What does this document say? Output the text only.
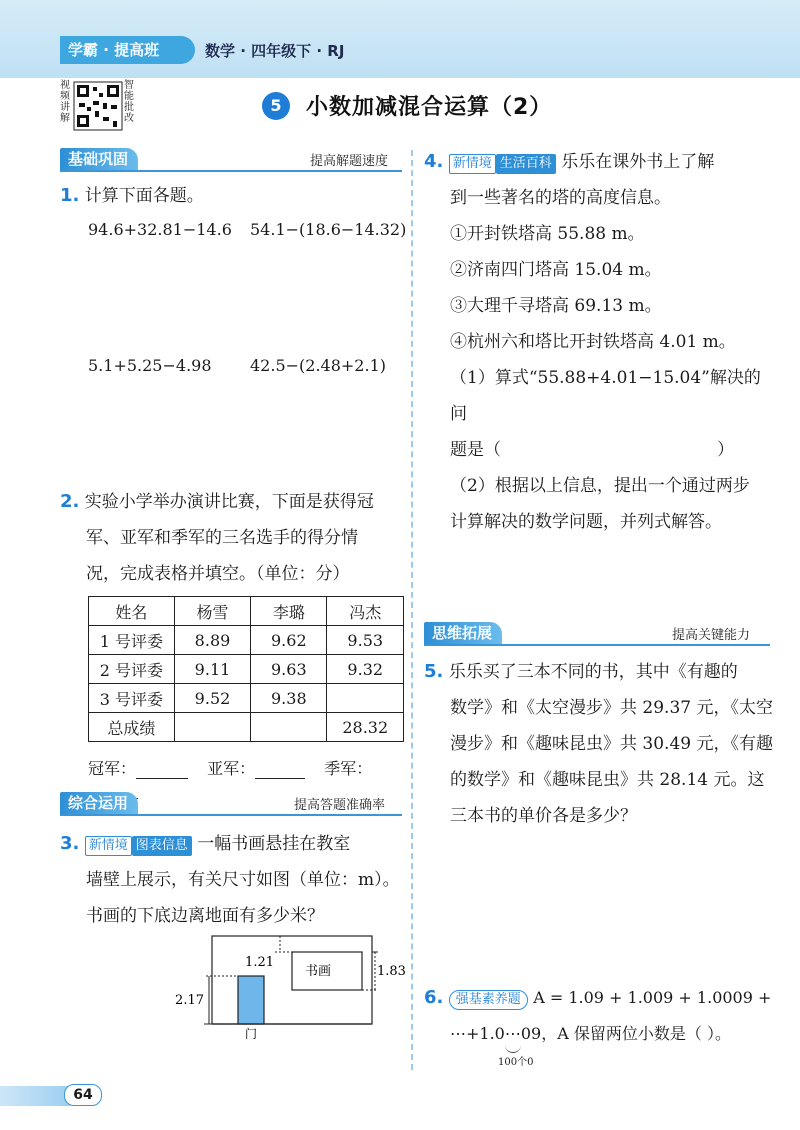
学霸 · 提高班	数学 · 四年级下 · RJ
视频讲解
智能批改
5	小数加减混合运算（2）
基础巩固	提高解题速度
1. 计算下面各题。
94.6+32.81−14.6 54.1−(18.6−14.32)
5.1+5.25−4.98 42.5−(2.48+2.1)
2. 实验小学举办演讲比赛，下面是获得冠
军、亚军和季军的三名选手的得分情
况，完成表格并填空。（单位：分）
姓名	杨雪	李璐	冯杰
1 号评委	8.89	9.62	9.53
2 号评委	9.11	9.63	9.32
3 号评委	9.52	9.38	
总成绩			28.32
冠军：	亚军：	季军：
综合运用	提高答题准确率
3. 新情境 图表信息 一幅书画悬挂在教室
墙壁上展示，有关尺寸如图（单位：m）。
书画的下底边离地面有多少米？
书画
门
1.21
1.83
2.17
4. 新情境 生活百科 乐乐在课外书上了解
到一些著名的塔的高度信息。
①开封铁塔高 55.88 m。
②济南四门塔高 15.04 m。
③大理千寻塔高 69.13 m。
④杭州六和塔比开封铁塔高 4.01 m。
（1）算式“55.88+4.01−15.04”解决的问
题是（                                        ）
（2）根据以上信息，提出一个通过两步
计算解决的数学问题，并列式解答。
思维拓展	提高关键能力
5. 乐乐买了三本不同的书，其中《有趣的
数学》和《太空漫步》共 29.37 元，《太空
漫步》和《趣味昆虫》共 30.49 元，《有趣
的数学》和《趣味昆虫》共 28.14 元。这
三本书的单价各是多少？
6. 强基素养题 A = 1.09 + 1.009 + 1.0009 +
⋯+1.0⋯09，A 保留两位小数是（ ）。
100个0
64
